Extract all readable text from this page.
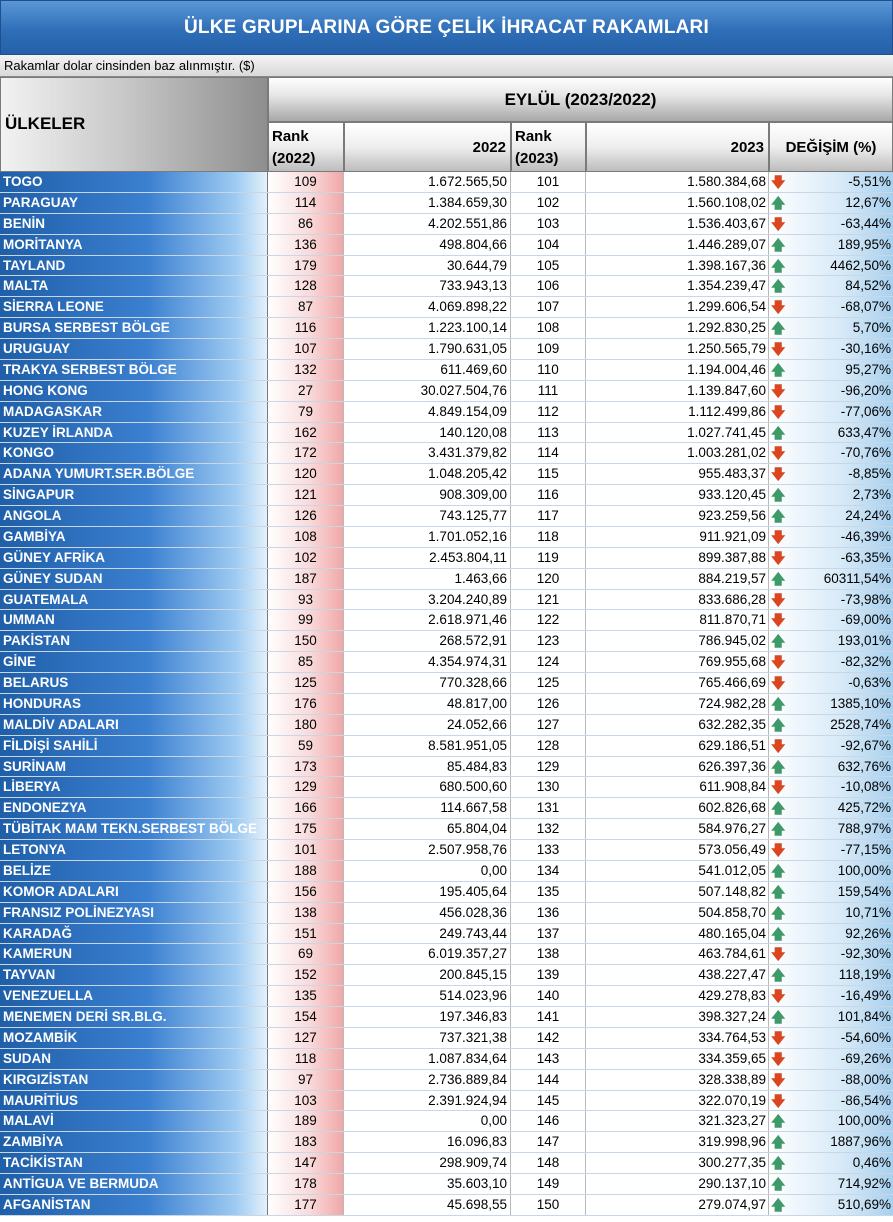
ÜLKE GRUPLARINA GÖRE ÇELİK İHRACAT RAKAMLARI
Rakamlar dolar cinsinden baz alınmıştır. ($)
ÜLKELER
EYLÜL (2023/2022)
Rank
(2022)
2022
Rank
(2023)
2023	DEĞİŞİM (%)
TOGO	109	1.672.565,50	101	1.580.384,68 🡇	-5,51%
PARAGUAY	114	1.384.659,30	102	1.560.108,02 🡅	12,67%
BENİN	86	4.202.551,86	103	1.536.403,67 🡇	-63,44%
MORİTANYA	136	498.804,66	104	1.446.289,07 🡅	189,95%
TAYLAND	179	30.644,79	105	1.398.167,36 🡅	4462,50%
MALTA	128	733.943,13	106	1.354.239,47 🡅	84,52%
SİERRA LEONE	87	4.069.898,22	107	1.299.606,54 🡇	-68,07%
BURSA SERBEST BÖLGE	116	1.223.100,14	108	1.292.830,25 🡅	5,70%
URUGUAY	107	1.790.631,05	109	1.250.565,79 🡇	-30,16%
TRAKYA SERBEST BÖLGE	132	611.469,60	110	1.194.004,46 🡅	95,27%
HONG KONG	27	30.027.504,76	111	1.139.847,60 🡇	-96,20%
MADAGASKAR	79	4.849.154,09	112	1.112.499,86 🡇	-77,06%
KUZEY İRLANDA	162	140.120,08	113	1.027.741,45 🡅	633,47%
KONGO	172	3.431.379,82	114	1.003.281,02 🡇	-70,76%
ADANA YUMURT.SER.BÖLGE	120	1.048.205,42	115	955.483,37 🡇	-8,85%
SİNGAPUR	121	908.309,00	116	933.120,45 🡅	2,73%
ANGOLA	126	743.125,77	117	923.259,56 🡅	24,24%
GAMBİYA	108	1.701.052,16	118	911.921,09 🡇	-46,39%
GÜNEY AFRİKA	102	2.453.804,11	119	899.387,88 🡇	-63,35%
GÜNEY SUDAN	187	1.463,66	120	884.219,57 🡅	60311,54%
GUATEMALA	93	3.204.240,89	121	833.686,28 🡇	-73,98%
UMMAN	99	2.618.971,46	122	811.870,71 🡇	-69,00%
PAKİSTAN	150	268.572,91	123	786.945,02 🡅	193,01%
GİNE	85	4.354.974,31	124	769.955,68 🡇	-82,32%
BELARUS	125	770.328,66	125	765.466,69 🡇	-0,63%
HONDURAS	176	48.817,00	126	724.982,28 🡅	1385,10%
MALDİV ADALARI	180	24.052,66	127	632.282,35 🡅	2528,74%
FİLDİŞİ SAHİLİ	59	8.581.951,05	128	629.186,51 🡇	-92,67%
SURİNAM	173	85.484,83	129	626.397,36 🡅	632,76%
LİBERYA	129	680.500,60	130	611.908,84 🡇	-10,08%
ENDONEZYA	166	114.667,58	131	602.826,68 🡅	425,72%
TÜBİTAK MAM TEKN.SERBEST BÖLGE	175	65.804,04	132	584.976,27 🡅	788,97%
LETONYA	101	2.507.958,76	133	573.056,49 🡇	-77,15%
BELİZE	188	0,00	134	541.012,05 🡅	100,00%
KOMOR ADALARI	156	195.405,64	135	507.148,82 🡅	159,54%
FRANSIZ POLİNEZYASI	138	456.028,36	136	504.858,70 🡅	10,71%
KARADAĞ	151	249.743,44	137	480.165,04 🡅	92,26%
KAMERUN	69	6.019.357,27	138	463.784,61 🡇	-92,30%
TAYVAN	152	200.845,15	139	438.227,47 🡅	118,19%
VENEZUELLA	135	514.023,96	140	429.278,83 🡇	-16,49%
MENEMEN DERİ SR.BLG.	154	197.346,83	141	398.327,24 🡅	101,84%
MOZAMBİK	127	737.321,38	142	334.764,53 🡇	-54,60%
SUDAN	118	1.087.834,64	143	334.359,65 🡇	-69,26%
KIRGIZİSTAN	97	2.736.889,84	144	328.338,89 🡇	-88,00%
MAURİTİUS	103	2.391.924,94	145	322.070,19 🡇	-86,54%
MALAVİ	189	0,00	146	321.323,27 🡅	100,00%
ZAMBİYA	183	16.096,83	147	319.998,96 🡅	1887,96%
TACİKİSTAN	147	298.909,74	148	300.277,35 🡅	0,46%
ANTİGUA VE BERMUDA	178	35.603,10	149	290.137,10 🡅	714,92%
AFGANİSTAN	177	45.698,55	150	279.074,97 🡅	510,69%
